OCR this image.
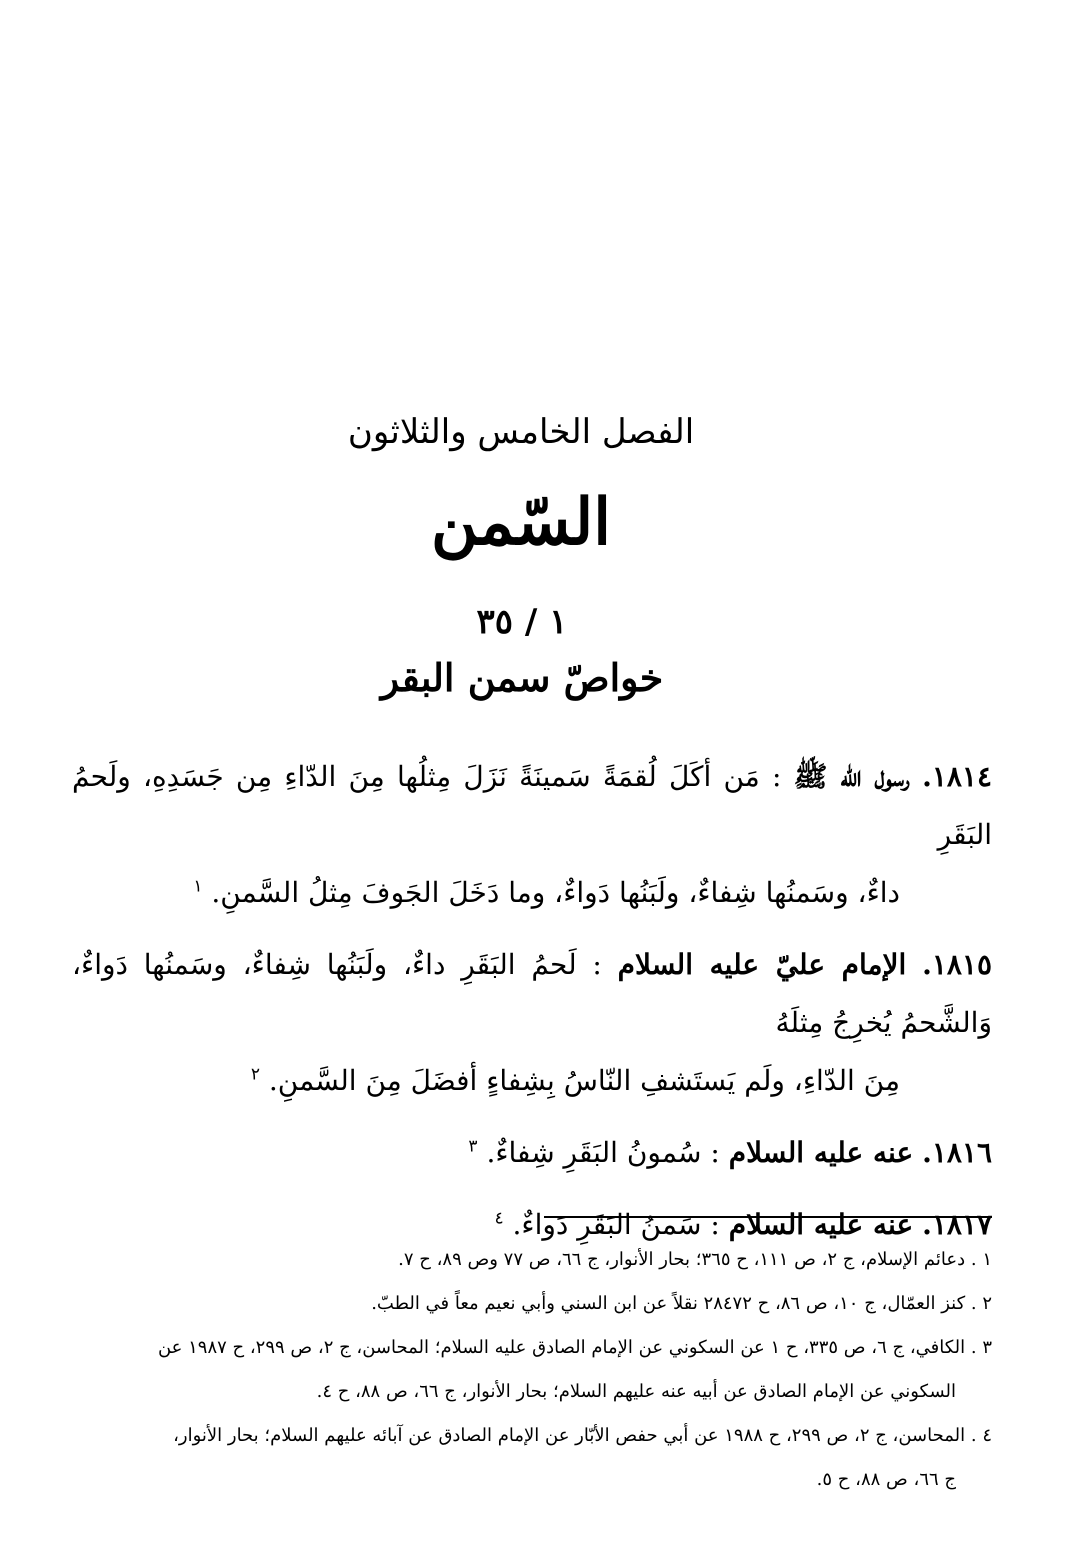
الفصل الخامس والثلاثون
السّمن
١ / ٣٥
خواصّ سمن البقر
١٨١٤. رسول الله ﷺ : مَن أكَلَ لُقمَةً سَمينَةً نَزَلَ مِثلُها مِنَ الدّاءِ مِن جَسَدِهِ، ولَحمُ البَقَرِ
داءٌ، وسَمنُها شِفاءٌ، ولَبَنُها دَواءٌ، وما دَخَلَ الجَوفَ مِثلُ السَّمنِ. $^١$
١٨١٥. الإمام عليّ عليه السلام : لَحمُ البَقَرِ داءٌ، ولَبَنُها شِفاءٌ، وسَمنُها دَواءٌ، وَالشَّحمُ يُخرِجُ مِثلَهُ
مِنَ الدّاءِ، ولَم يَستَشفِ النّاسُ بِشِفاءٍ أفضَلَ مِنَ السَّمنِ. $^٢$
١٨١٦. عنه عليه السلام : سُمونُ البَقَرِ شِفاءٌ. $^٣$
١٨١٧. عنه عليه السلام : سَمنُ البَقَرِ دَواءٌ. $^٤$
١ . دعائم الإسلام، ج ٢، ص ١١١، ح ٣٦٥؛ بحار الأنوار، ج ٦٦، ص ٧٧ وص ٨٩، ح ٧.
٢ . كنز العمّال، ج ١٠، ص ٨٦، ح ٢٨٤٧٢ نقلاً عن ابن السني وأبي نعيم معاً في الطبّ.
٣ . الكافي، ج ٦، ص ٣٣٥، ح ١ عن السكوني عن الإمام الصادق عليه السلام؛ المحاسن، ج ٢، ص ٢٩٩، ح ١٩٨٧ عن
السكوني عن الإمام الصادق عن أبيه عنه عليهم السلام؛ بحار الأنوار، ج ٦٦، ص ٨٨، ح ٤.
٤ . المحاسن، ج ٢، ص ٢٩٩، ح ١٩٨٨ عن أبي حفص الأبّار عن الإمام الصادق عن آبائه عليهم السلام؛ بحار الأنوار،
ج ٦٦، ص ٨٨، ح ٥.
